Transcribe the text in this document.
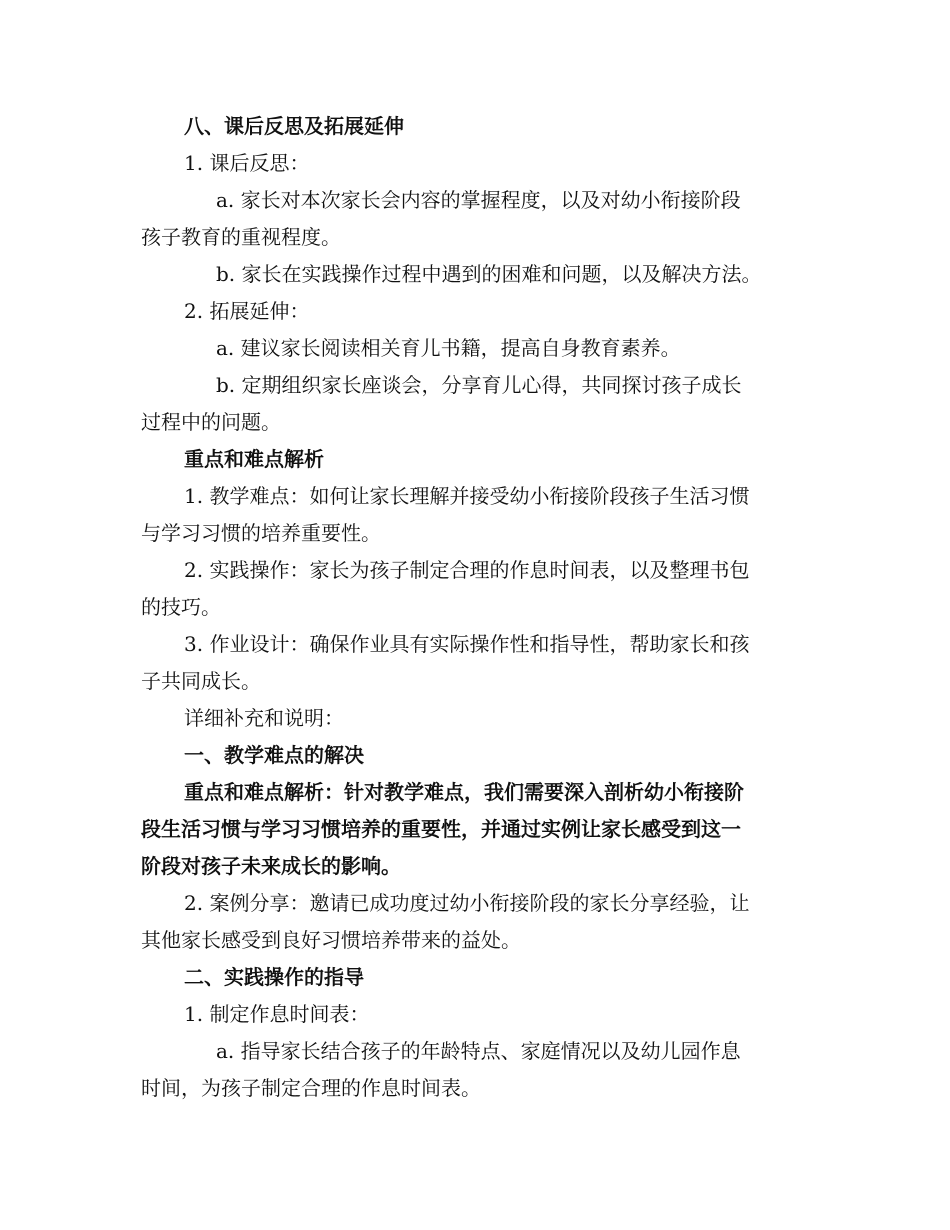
八、课后反思及拓展延伸
1. 课后反思：
a. 家长对本次家长会内容的掌握程度，以及对幼小衔接阶段
孩子教育的重视程度。
b. 家长在实践操作过程中遇到的困难和问题，以及解决方法。
2. 拓展延伸：
a. 建议家长阅读相关育儿书籍，提高自身教育素养。
b. 定期组织家长座谈会，分享育儿心得，共同探讨孩子成长
过程中的问题。
重点和难点解析
1. 教学难点：如何让家长理解并接受幼小衔接阶段孩子生活习惯
与学习习惯的培养重要性。
2. 实践操作：家长为孩子制定合理的作息时间表，以及整理书包
的技巧。
3. 作业设计：确保作业具有实际操作性和指导性，帮助家长和孩
子共同成长。
详细补充和说明：
一、教学难点的解决
重点和难点解析：针对教学难点，我们需要深入剖析幼小衔接阶
段生活习惯与学习习惯培养的重要性，并通过实例让家长感受到这一
阶段对孩子未来成长的影响。
2. 案例分享：邀请已成功度过幼小衔接阶段的家长分享经验，让
其他家长感受到良好习惯培养带来的益处。
二、实践操作的指导
1. 制定作息时间表：
a. 指导家长结合孩子的年龄特点、家庭情况以及幼儿园作息
时间，为孩子制定合理的作息时间表。
